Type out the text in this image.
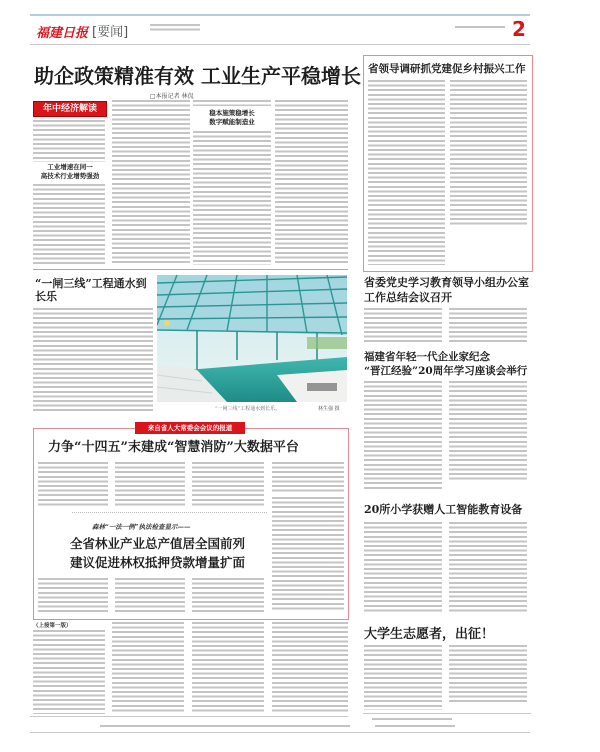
福建日报 [要闻]	2
助企政策精准有效 工业生产平稳增长
□本报记者 林侃
年中经济解读
工业增速在同一
高技术行业增势强劲
稳本施策稳增长
数字赋能制造业
“一闸三线”工程通水到长乐
“一闸三线”工程通水到长乐。	林生强 摄
来自省人大常委会会议的报道
力争“十四五”末建成“智慧消防”大数据平台
森林“一法一例”执法检查显示——
全省林业产业总产值居全国前列
建议促进林权抵押贷款增量扩面
（上接第一版）
省领导调研抓党建促乡村振兴工作
省委党史学习教育领导小组办公室
工作总结会议召开
福建省年轻一代企业家纪念
“晋江经验”20周年学习座谈会举行
20所小学获赠人工智能教育设备
大学生志愿者，出征！
